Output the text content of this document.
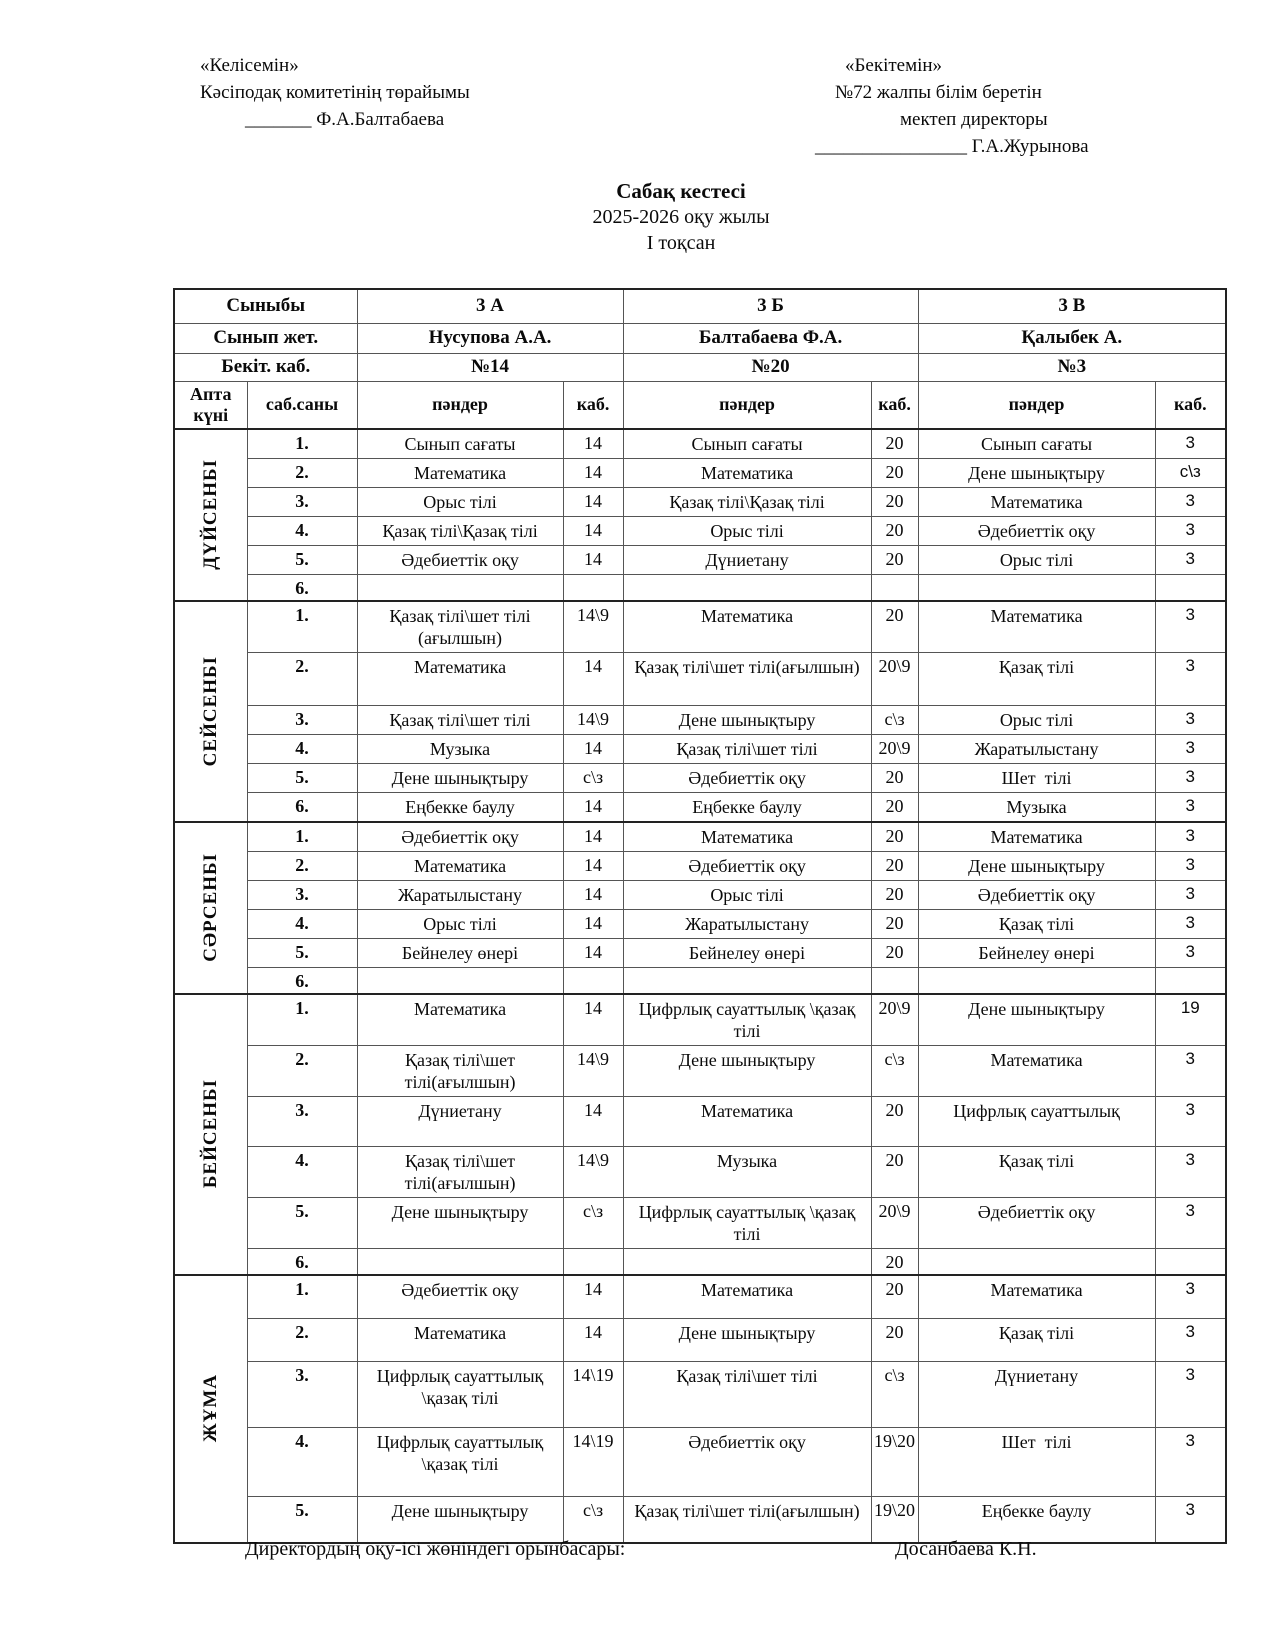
«Келісемін»
Кәсіподақ комитетінің төрайымы
_______ Ф.А.Балтабаева
«Бекітемін»
№72 жалпы білім беретін
мектеп директоры
________________ Г.А.Журынова
Сабақ кестесі
2025-2026 оқу жылы
І тоқсан
Сыныбы		3 А		3 Б		3 В	
Сынып жет.		Нусупова А.А.		Балтабаева Ф.А.		Қалыбек А.	
Бекіт. каб.		№14		№20		№3	
Апта күні	саб.саны	пәндер	каб.	пәндер	каб.	пәндер	каб.

ДҮЙСЕНБІ	1.	Сынып сағаты	14	Сынып сағаты	20	Сынып сағаты	3
	2.	Математика	14	Математика	20	Дене шынықтыру	с\з
	3.	Орыс тілі	14	Қазақ тілі\Қазақ тілі	20	Математика	3
	4.	Қазақ тілі\Қазақ тілі	14	Орыс тілі	20	Әдебиеттік оқу	3
	5.	Әдебиеттік оқу	14	Дүниетану	20	Орыс тілі	3
	6.						

СЕЙСЕНБІ	1.	Қазақ тілі\шет тілі (ағылшын)	14\9	Математика	20	Математика	3
	2.	Математика	14	Қазақ тілі\шет тілі(ағылшын)	20\9	Қазақ тілі	3
	3.	Қазақ тілі\шет тілі	14\9	Дене шынықтыру	с\з	Орыс тілі	3
	4.	Музыка	14	Қазақ тілі\шет тілі	20\9	Жаратылыстану	3
	5.	Дене шынықтыру	с\з	Әдебиеттік оқу	20	Шет  тілі	3
	6.	Еңбекке баулу	14	Еңбекке баулу	20	Музыка	3

СӘРСЕНБІ	1.	Әдебиеттік оқу	14	Математика	20	Математика	3
	2.	Математика	14	Әдебиеттік оқу	20	Дене шынықтыру	3
	3.	Жаратылыстану	14	Орыс тілі	20	Әдебиеттік оқу	3
	4.	Орыс тілі	14	Жаратылыстану	20	Қазақ тілі	3
	5.	Бейнелеу өнері	14	Бейнелеу өнері	20	Бейнелеу өнері	3
	6.						

БЕЙСЕНБІ	1.	Математика	14	Цифрлық сауаттылық \қазақ тілі	20\9	Дене шынықтыру	19
	2.	Қазақ тілі\шет тілі(ағылшын)	14\9	Дене шынықтыру	с\з	Математика	3
	3.	Дүниетану	14	Математика	20	Цифрлық сауаттылық	3
	4.	Қазақ тілі\шет тілі(ағылшын)	14\9	Музыка	20	Қазақ тілі	3
	5.	Дене шынықтыру	с\з	Цифрлық сауаттылық \қазақ тілі	20\9	Әдебиеттік оқу	3
	6.				20		

ЖҰМА	1.	Әдебиеттік оқу	14	Математика	20	Математика	3
	2.	Математика	14	Дене шынықтыру	20	Қазақ тілі	3
	3.	Цифрлық сауаттылық \қазақ тілі	14\19	Қазақ тілі\шет тілі	с\з	Дүниетану	3
	4.	Цифрлық сауаттылық \қазақ тілі	14\19	Әдебиеттік оқу	19\20	Шет  тілі	3
	5.	Дене шынықтыру	с\з	Қазақ тілі\шет тілі(ағылшын)	19\20	Еңбекке баулу	3
Директордың оқу-ісі жөніндегі орынбасары:	Досанбаева К.Н.
